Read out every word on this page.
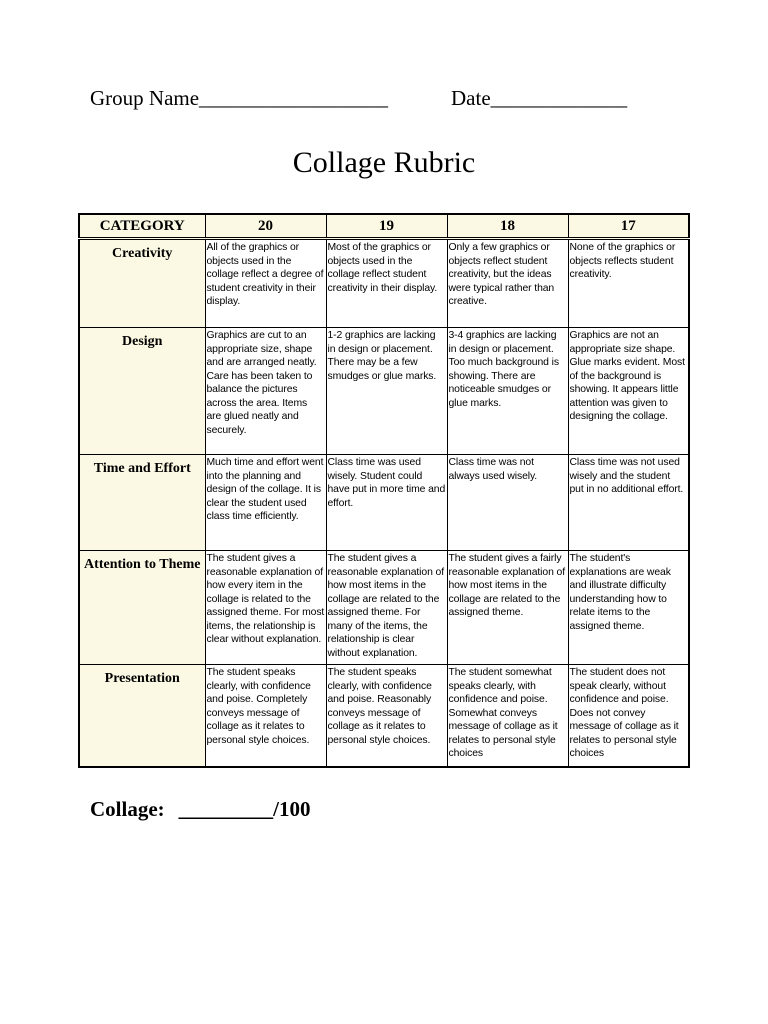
Group Name__________________	Date_____________
Collage Rubric
CATEGORY	20	19	18	17
Creativity	All of the graphics or objects used in the collage reflect a degree of student creativity in their display.	Most of the graphics or objects used in the collage reflect student creativity in their display.	Only a few graphics or objects reflect student creativity, but the ideas were typical rather than creative.	None of the graphics or objects reflects student creativity.
Design	Graphics are cut to an appropriate size, shape and are arranged neatly. Care has been taken to balance the pictures across the area. Items are glued neatly and securely.	1-2 graphics are lacking in design or placement. There may be a few smudges or glue marks.	3-4 graphics are lacking in design or placement. Too much background is showing. There are noticeable smudges or glue marks.	Graphics are not an appropriate size shape. Glue marks evident. Most of the background is showing. It appears little attention was given to designing the collage.
Time and Effort	Much time and effort went into the planning and design of the collage. It is clear the student used class time efficiently.	Class time was used wisely. Student could have put in more time and effort.	Class time was not always used wisely.	Class time was not used wisely and the student put in no additional effort.
Attention to Theme	The student gives a reasonable explanation of how every item in the collage is related to the assigned theme. For most items, the relationship is clear without explanation.	The student gives a reasonable explanation of how most items in the collage are related to the assigned theme. For many of the items, the relationship is clear without explanation.	The student gives a fairly reasonable explanation of how most items in the collage are related to the assigned theme.	The student's explanations are weak and illustrate difficulty understanding how to relate items to the assigned theme.
Presentation	The student speaks clearly, with confidence and poise. Completely conveys message of collage as it relates to personal style choices.	The student speaks clearly, with confidence and poise. Reasonably conveys message of collage as it relates to personal style choices.	The student somewhat speaks clearly, with confidence and poise. Somewhat conveys message of collage as it relates to personal style choices	The student does not speak clearly, without confidence and poise. Does not convey message of collage as it relates to personal style choices
Collage: _________/100
